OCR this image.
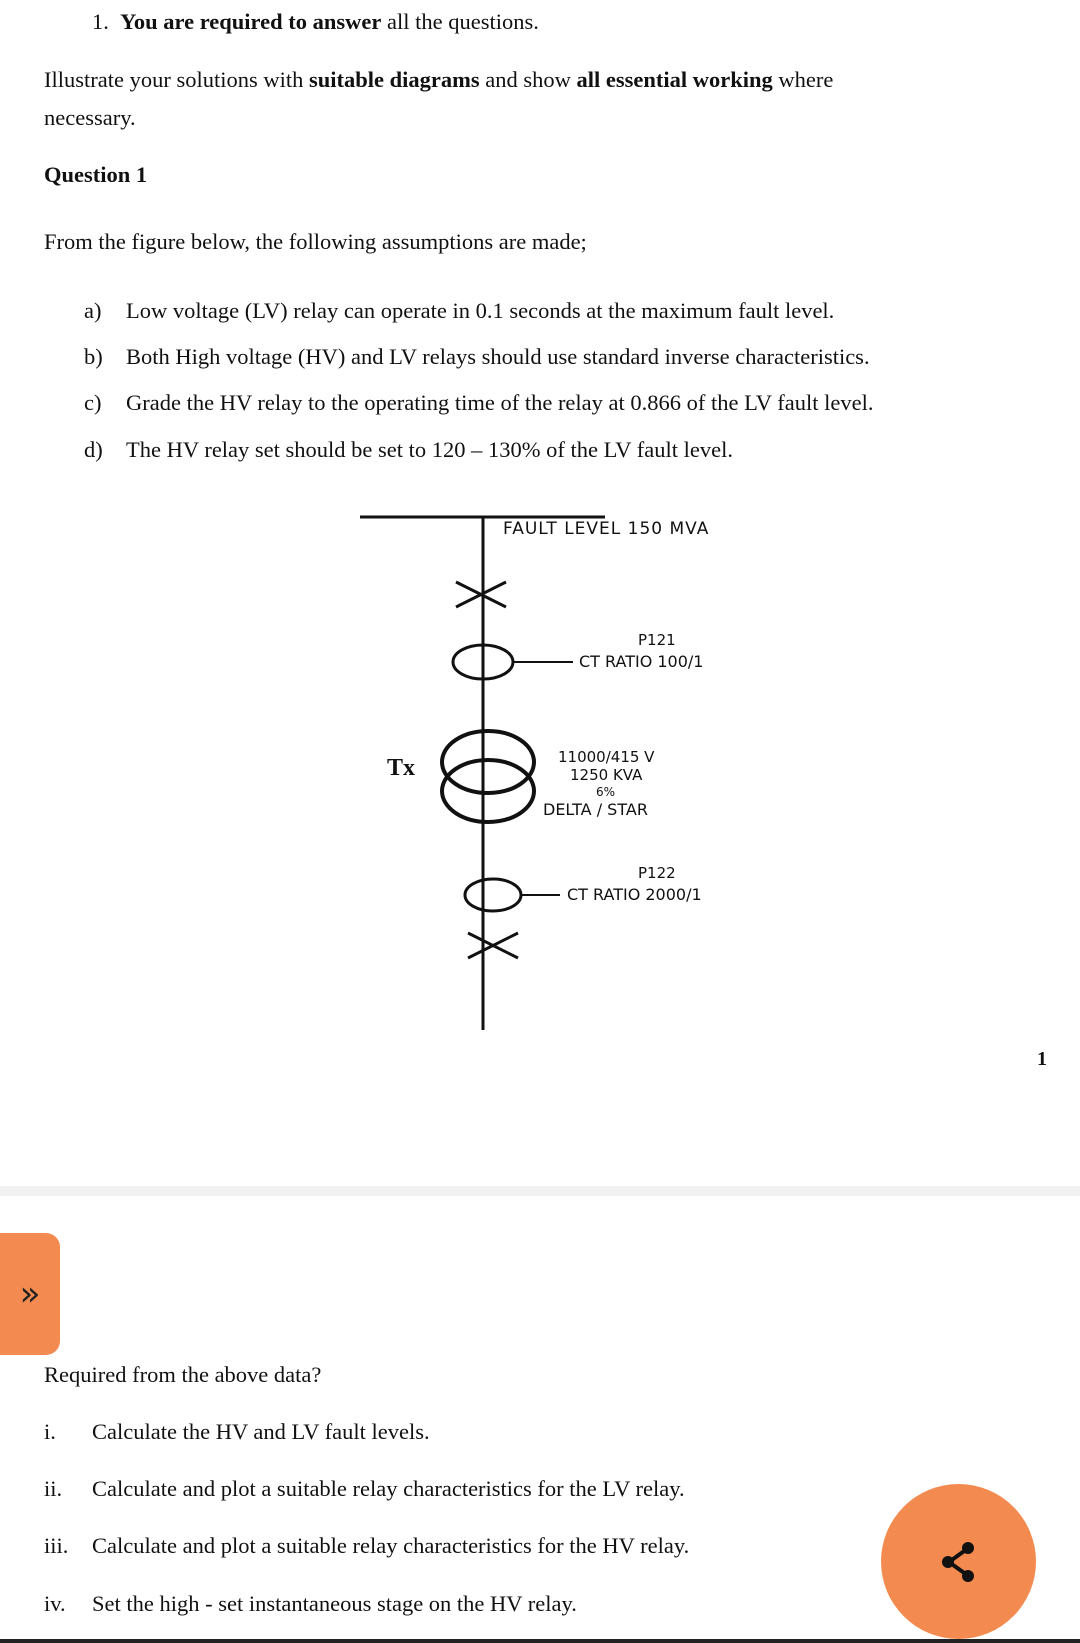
1. You are required to answer all the questions.
Illustrate your solutions with suitable diagrams and show all essential working where
necessary.
Question 1
From the figure below, the following assumptions are made;
a) Low voltage (LV) relay can operate in 0.1 seconds at the maximum fault level.
b) Both High voltage (HV) and LV relays should use standard inverse characteristics.
c) Grade the HV relay to the operating time of the relay at 0.866 of the LV fault level.
d) The HV relay set should be set to 120 – 130% of the LV fault level.
FAULT LEVEL 150 MVA
P121
CT RATIO 100/1
Tx	11000/415 V
1250 KVA
6%
DELTA / STAR
P122
CT RATIO 2000/1
1
»
Required from the above data?
i. Calculate the HV and LV fault levels.
ii. Calculate and plot a suitable relay characteristics for the LV relay.
iii. Calculate and plot a suitable relay characteristics for the HV relay.
iv. Set the high - set instantaneous stage on the HV relay.
